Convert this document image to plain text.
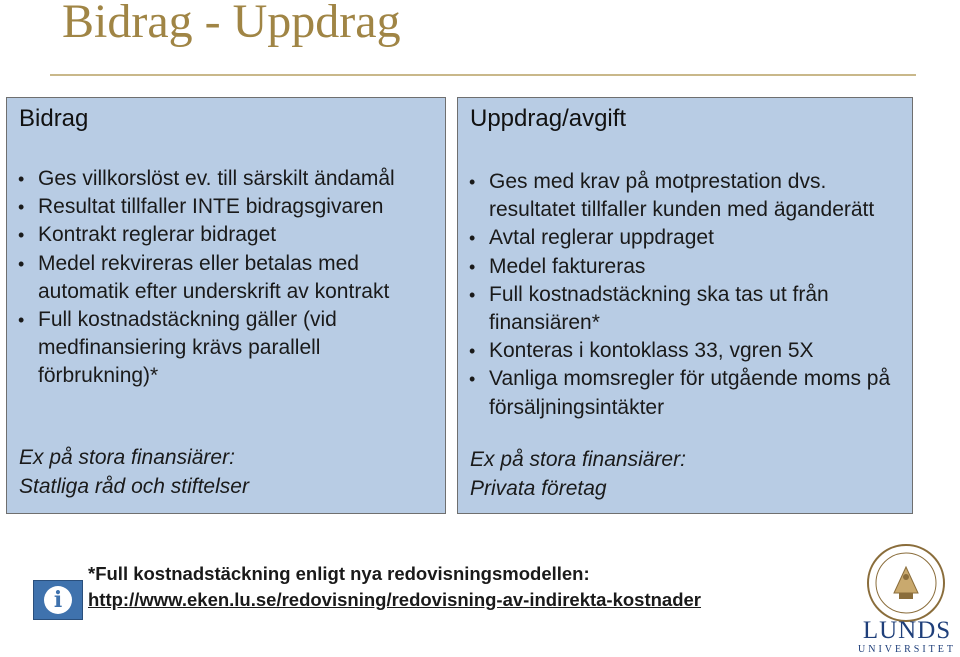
Bidrag - Uppdrag
Bidrag
• Ges villkorslöst ev. till särskilt ändamål
• Resultat tillfaller INTE bidragsgivaren
• Kontrakt reglerar bidraget
• Medel rekvireras eller betalas med automatik efter underskrift av kontrakt
• Full kostnadstäckning gäller (vid medfinansiering krävs parallell förbrukning)*
Ex på stora finansiärer:
Statliga råd och stiftelser
Uppdrag/avgift
• Ges med krav på motprestation dvs. resultatet tillfaller kunden med äganderätt
• Avtal reglerar uppdraget
• Medel faktureras
• Full kostnadstäckning ska tas ut från finansiären*
• Konteras i kontoklass 33, vgren 5X
• Vanliga momsregler för utgående moms på försäljningsintäkter
Ex på stora finansiärer:
Privata företag
i
*Full kostnadstäckning enligt nya redovisningsmodellen:
http://www.eken.lu.se/redovisning/redovisning-av-indirekta-kostnader
LUNDS
UNIVERSITET
